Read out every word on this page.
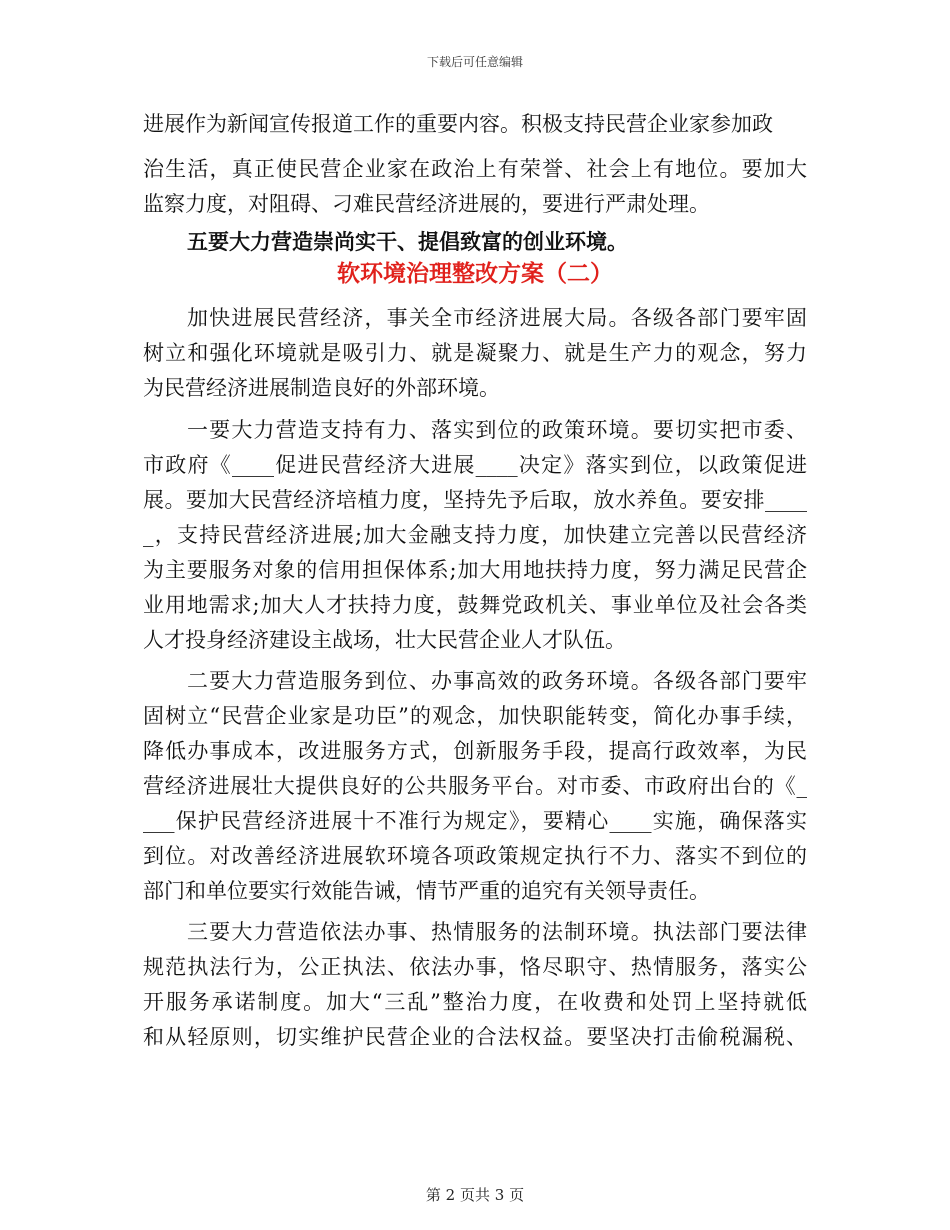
下载后可任意编辑
进展作为新闻宣传报道工作的重要内容。积极支持民营企业家参加政
治生活，真正使民营企业家在政治上有荣誉、社会上有地位。要加大
监察力度，对阻碍、刁难民营经济进展的，要进行严肃处理。
五要大力营造崇尚实干、提倡致富的创业环境。
软环境治理整改方案（二）
加快进展民营经济，事关全市经济进展大局。各级各部门要牢固
树立和强化环境就是吸引力、就是凝聚力、就是生产力的观念，努力
为民营经济进展制造良好的外部环境。
一要大力营造支持有力、落实到位的政策环境。要切实把市委、
市政府《____促进民营经济大进展____决定》落实到位，以政策促进
展。要加大民营经济培植力度，坚持先予后取，放水养鱼。要安排____
_，支持民营经济进展;加大金融支持力度，加快建立完善以民营经济
为主要服务对象的信用担保体系;加大用地扶持力度，努力满足民营企
业用地需求;加大人才扶持力度，鼓舞党政机关、事业单位及社会各类
人才投身经济建设主战场，壮大民营企业人才队伍。
二要大力营造服务到位、办事高效的政务环境。各级各部门要牢
固树立“民营企业家是功臣”的观念，加快职能转变，简化办事手续，
降低办事成本，改进服务方式，创新服务手段，提高行政效率，为民
营经济进展壮大提供良好的公共服务平台。对市委、市政府出台的《_
___保护民营经济进展十不准行为规定》，要精心____实施，确保落实
到位。对改善经济进展软环境各项政策规定执行不力、落实不到位的
部门和单位要实行效能告诫，情节严重的追究有关领导责任。
三要大力营造依法办事、热情服务的法制环境。执法部门要法律
规范执法行为，公正执法、依法办事，恪尽职守、热情服务，落实公
开服务承诺制度。加大“三乱”整治力度，在收费和处罚上坚持就低
和从轻原则，切实维护民营企业的合法权益。要坚决打击偷税漏税、
第 2 页共 3 页
